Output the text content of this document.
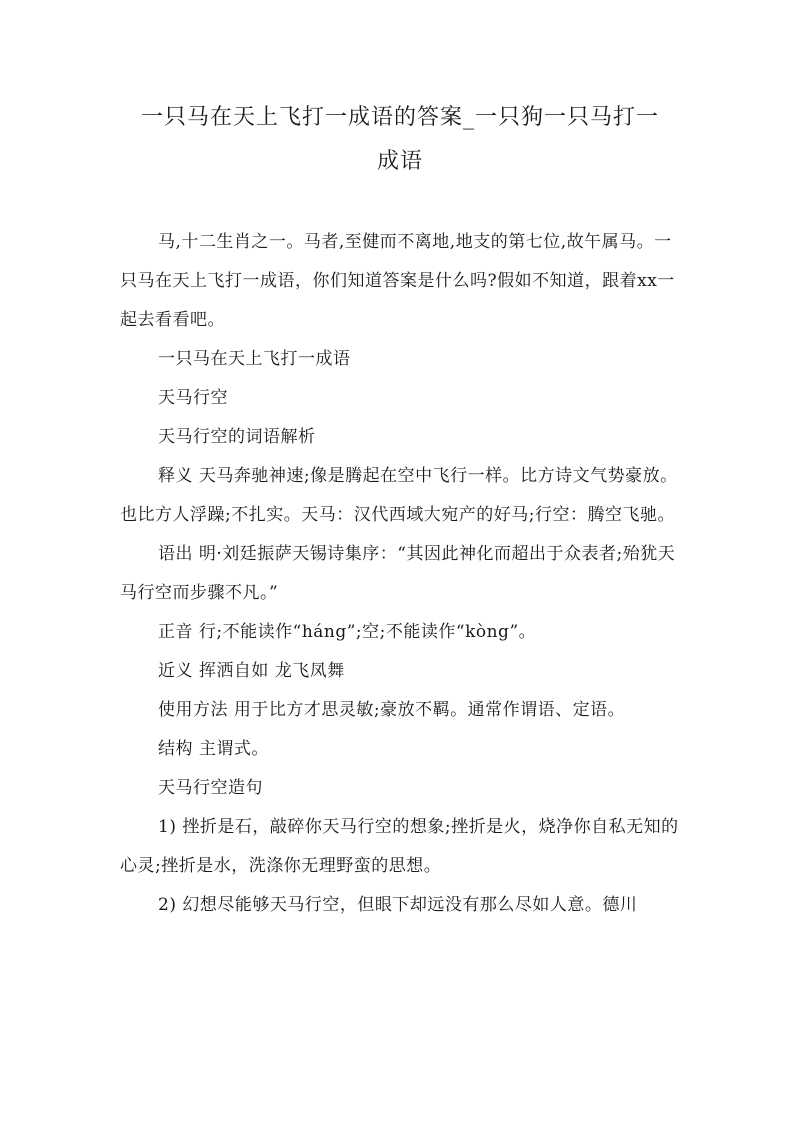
一只马在天上飞打一成语的答案_一只狗一只马打一
成语

马,十二生肖之一。马者,至健而不离地,地支的第七位,故午属马。一只马在天上飞打一成语，你们知道答案是什么吗?假如不知道，跟着xx一起去看看吧。

一只马在天上飞打一成语

天马行空

天马行空的词语解析

释义 天马奔驰神速;像是腾起在空中飞行一样。比方诗文气势豪放。也比方人浮躁;不扎实。天马：汉代西域大宛产的好马;行空：腾空飞驰。

语出 明·刘廷振萨天锡诗集序：“其因此神化而超出于众表者;殆犹天马行空而步骤不凡。”

正音 行;不能读作“háng”;空;不能读作“kòng”。

近义 挥洒自如 龙飞凤舞

使用方法 用于比方才思灵敏;豪放不羁。通常作谓语、定语。

结构 主谓式。

天马行空造句

1) 挫折是石，敲碎你天马行空的想象;挫折是火，烧净你自私无知的心灵;挫折是水，洗涤你无理野蛮的思想。

2) 幻想尽能够天马行空，但眼下却远没有那么尽如人意。德川
